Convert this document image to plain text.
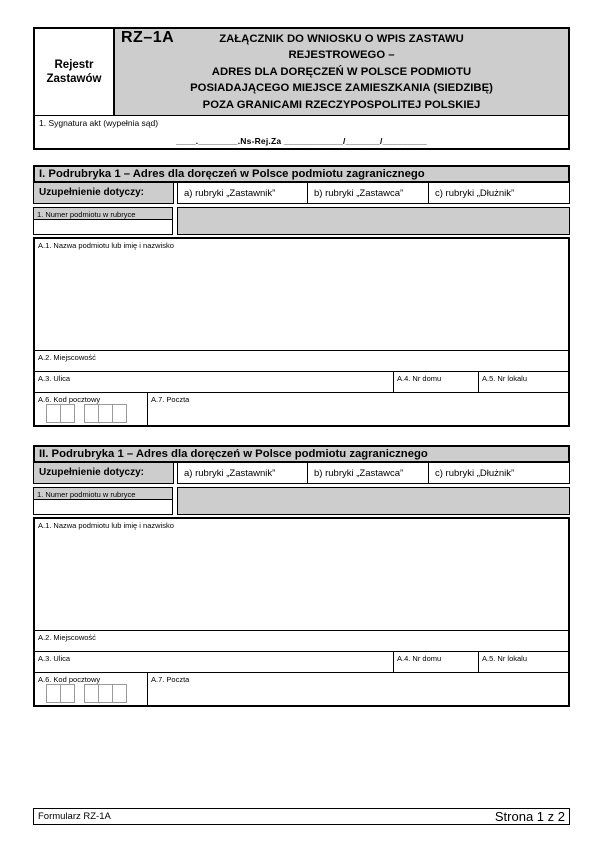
Rejestr
Zastawów
RZ–1A	ZAŁĄCZNIK DO WNIOSKU O WPIS ZASTAWU
REJESTROWEGO –
ADRES DLA DORĘCZEŃ W POLSCE PODMIOTU
POSIADAJĄCEGO MIEJSCE ZAMIESZKANIA (SIEDZIBĘ)
POZA GRANICAMI RZECZYPOSPOLITEJ POLSKIEJ
1. Sygnatura akt (wypełnia sąd)
____.________.Ns-Rej.Za ____________/_______/_________
I. Podrubryka 1 – Adres dla doręczeń w Polsce podmiotu zagranicznego
Uzupełnienie dotyczy:	a) rubryki „Zastawnik”	b) rubryki „Zastawca”	c) rubryki „Dłużnik”
1. Numer podmiotu w rubryce
A.1. Nazwa podmiotu lub imię i nazwisko
A.2. Miejscowość
A.3. Ulica	A.4. Nr domu	A.5. Nr lokalu
A.6. Kod pocztowy	A.7. Poczta
II. Podrubryka 1 – Adres dla doręczeń w Polsce podmiotu zagranicznego
Uzupełnienie dotyczy:	a) rubryki „Zastawnik”	b) rubryki „Zastawca”	c) rubryki „Dłużnik”
1. Numer podmiotu w rubryce
A.1. Nazwa podmiotu lub imię i nazwisko
A.2. Miejscowość
A.3. Ulica	A.4. Nr domu	A.5. Nr lokalu
A.6. Kod pocztowy	A.7. Poczta
Formularz RZ-1A	Strona 1 z 2
